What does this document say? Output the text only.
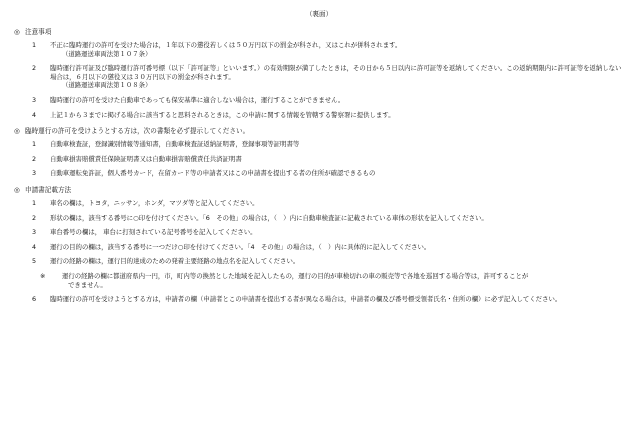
（裏面）
◎ 注意事項
1 不正に臨時運行の許可を受けた場合は，１年以下の懲役若しくは５０万円以下の罰金が科され，又はこれが併科されます。
（道路運送車両法第１０７条）
2 臨時運行許可証及び臨時運行許可番号標（以下「許可証等」といいます。）の有効期限が満了したときは，その日から５日以内に許可証等を返納してください。この返納期限内に許可証等を返納しない場合は，６月以下の懲役又は３０万円以下の罰金が科されます。
（道路運送車両法第１０８条）
3 臨時運行の許可を受けた自動車であっても保安基準に適合しない場合は，運行することができません。
4 上記１から３までに掲げる場合に該当すると思料されるときは，この申請に関する情報を管轄する警察署に提供します。
◎ 臨時運行の許可を受けようとする方は，次の書類を必ず提示してください。
1 自動車検査証，登録識別情報等通知書，自動車検査証返納証明書，登録事項等証明書等
2 自動車損害賠償責任保険証明書又は自動車損害賠償責任共済証明書
3 自動車運転免許証，個人番号カード，在留カード等の申請者又はこの申請書を提出する者の住所が確認できるもの
◎ 申請書記載方法
1 車名の欄は，トヨタ，ニッサン，ホンダ，マツダ等と記入してください。
2 形状の欄は，該当する番号に○印を付けてください。「6　その他」の場合は，（　）内に自動車検査証に記載されている車体の形状を記入してください。
3 車台番号の欄は， 車台に打刻されている記号番号を記入してください。
4 運行の目的の欄は，該当する番号に一つだけ○印を付けてください。「4　その他」の場合は，（　）内に具体的に記入してください。
5 運行の経路の欄は，運行目的達成のための発着主要経路の地点名を記入してください。
※	運行の経路の欄に都道府県内一円，市，町内等の換然とした地域を記入したもの，運行の目的が車検切れの車の販売等で各地を巡回する場合等は，許可することが
できません。
6 臨時運行の許可を受けようとする方は，申請者の欄（申請者とこの申請書を提出する者が異なる場合は，申請者の欄及び番号標受領者氏名・住所の欄）に必ず記入してください。
